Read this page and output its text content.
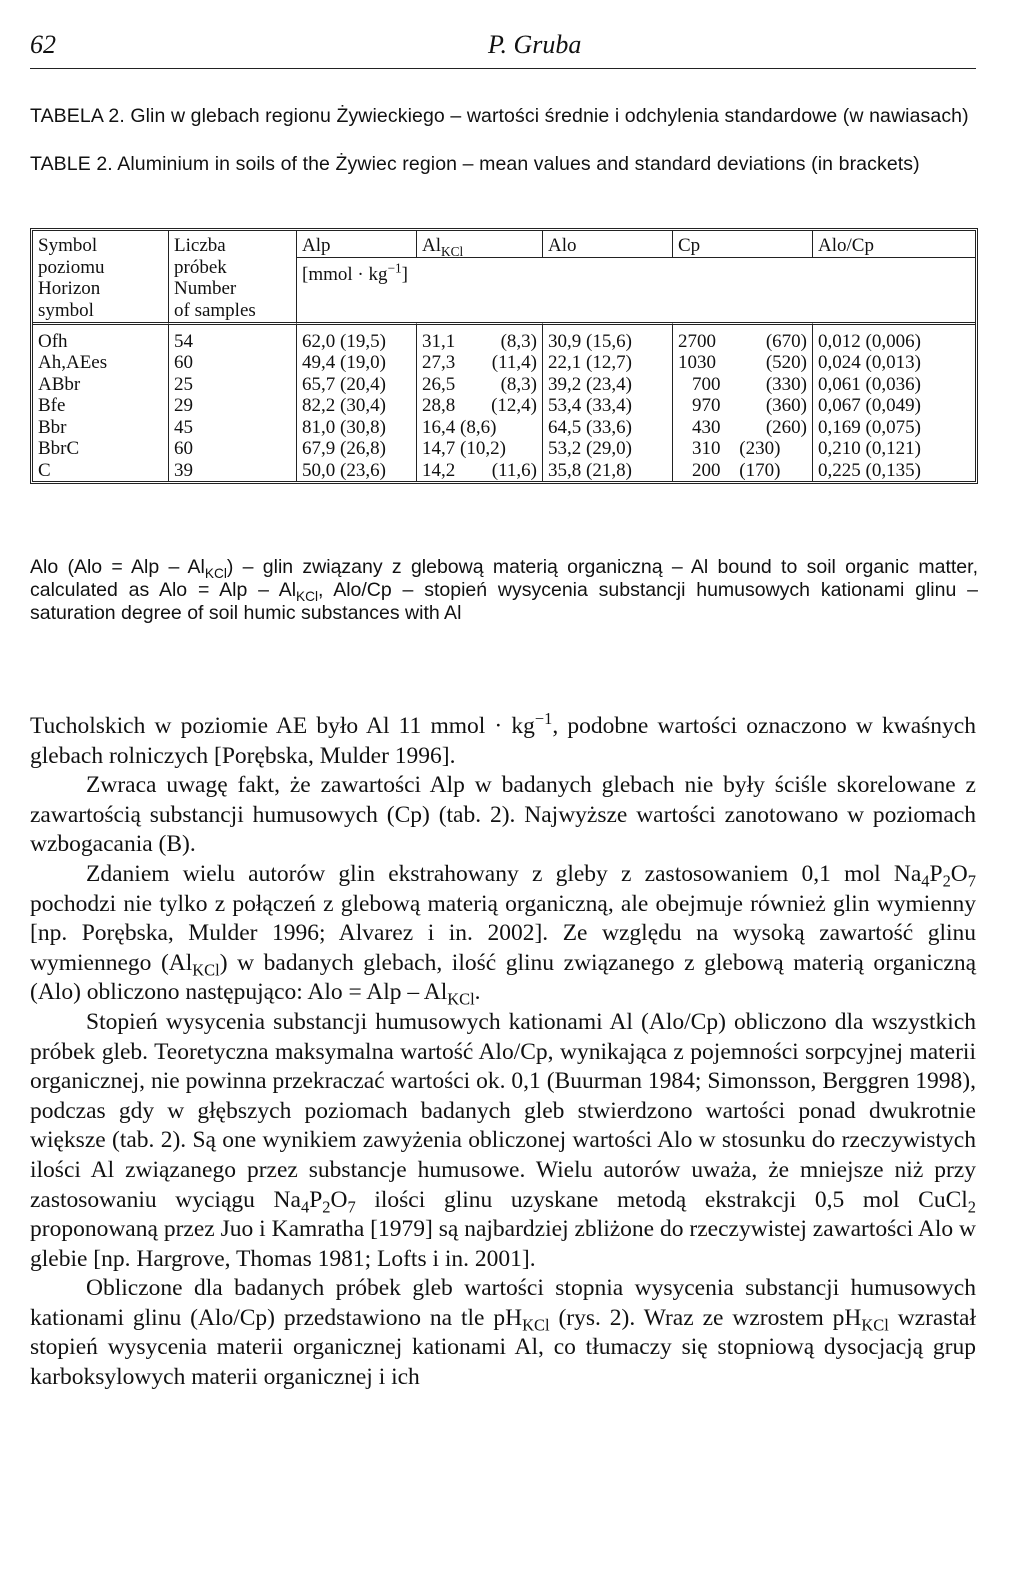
62	P. Gruba
TABELA 2. Glin w glebach regionu Żywieckiego – wartości średnie i odchylenia standardowe (w nawiasach)
TABLE 2. Aluminium in soils of the Żywiec region – mean values and standard deviations (in brackets)
Symbol
poziomu
Horizon
symbol	Liczba
próbek
Number
of samples	Alp	$Al_{KCl}$	Alo	Cp	Alo/Cp

		[mmol · $kg^{-1}$]				

Ofh	54	62,0 (19,5)	31,1 (8,3)	30,9 (15,6)	2700 (670)	0,012 (0,006)
Ah,AEes	60	49,4 (19,0)	27,3 (11,4)	22,1 (12,7)	1030 (520)	0,024 (0,013)
ABbr	25	65,7 (20,4)	26,5 (8,3)	39,2 (23,4)	700 (330)	0,061 (0,036)
Bfe	29	82,2 (30,4)	28,8 (12,4)	53,4 (33,4)	970 (360)	0,067 (0,049)
Bbr	45	81,0 (30,8)	16,4 (8,6)	64,5 (33,6)	430 (260)	0,169 (0,075)
BbrC	60	67,9 (26,8)	14,7 (10,2)	53,2 (29,0)	310 (230)	0,210 (0,121)
C	39	50,0 (23,6)	14,2 (11,6)	35,8 (21,8)	200 (170)	0,225 (0,135)
Alo (Alo = Alp – $Al_{KCl}$) – glin związany z glebową materią organiczną – Al bound to soil organic matter, calculated as Alo = Alp – $Al_{KCl}$, Alo/Cp – stopień wysycenia substancji humusowych kationami glinu – saturation degree of soil humic substances with Al

Tucholskich w poziomie AE było Al 11 mmol · $kg^{-1}$, podobne wartości oznaczono w kwaśnych glebach rolniczych [Porębska, Mulder 1996].

Zwraca uwagę fakt, że zawartości Alp w badanych glebach nie były ściśle skorelowane z zawartością substancji humusowych (Cp) (tab. 2). Najwyższe wartości zanotowano w poziomach wzbogacania (B).

Zdaniem wielu autorów glin ekstrahowany z gleby z zastosowaniem 0,1 mol $Na_4P_2O_7$ pochodzi nie tylko z połączeń z glebową materią organiczną, ale obejmuje również glin wymienny [np. Porębska, Mulder 1996; Alvarez i in. 2002]. Ze względu na wysoką zawartość glinu wymiennego $(Al_{KCl})$ w badanych glebach, ilość glinu związanego z glebową materią organiczną (Alo) obliczono następująco: Alo = Alp – $Al_{KCl}$.

Stopień wysycenia substancji humusowych kationami Al (Alo/Cp) obliczono dla wszystkich próbek gleb. Teoretyczna maksymalna wartość Alo/Cp, wynikająca z pojemności sorpcyjnej materii organicznej, nie powinna przekraczać wartości ok. 0,1 (Buurman 1984; Simonsson, Berggren 1998), podczas gdy w głębszych poziomach badanych gleb stwierdzono wartości ponad dwukrotnie większe (tab. 2). Są one wynikiem zawyżenia obliczonej wartości Alo w stosunku do rzeczywistych ilości Al związanego przez substancje humusowe. Wielu autorów uważa, że mniejsze niż przy zastosowaniu wyciągu $Na_4P_2O_7$ ilości glinu uzyskane metodą ekstrakcji 0,5 mol CuCl$_2$ proponowaną przez Juo i Kamratha [1979] są najbardziej zbliżone do rzeczywistej zawartości Alo w glebie [np. Hargrove, Thomas 1981; Lofts i in. 2001].

Obliczone dla badanych próbek gleb wartości stopnia wysycenia substancji humusowych kationami glinu (Alo/Cp) przedstawiono na tle $pH_{KCl}$ (rys. 2). Wraz ze wzrostem $pH_{KCl}$ wzrastał stopień wysycenia materii organicznej kationami Al, co tłumaczy się stopniową dysocjacją grup karboksylowych materii organicznej i ich
